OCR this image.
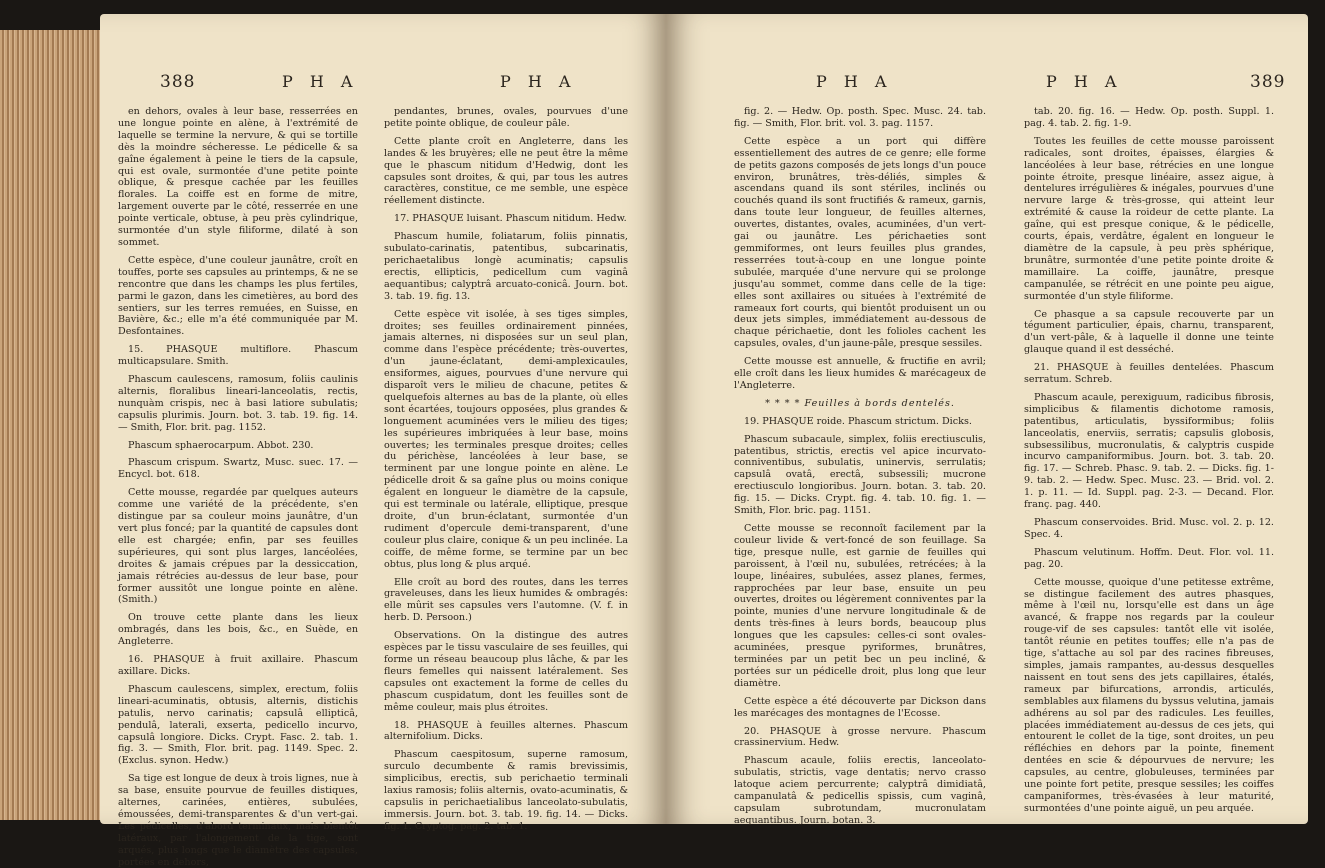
388	P H A	P H A

en dehors, ovales à leur base, resserrées en une longue pointe en alène, à l'extrémité de laquelle se termine la nervure, & qui se tortille dès la moindre sécheresse. Le pédicelle & sa gaîne également à peine le tiers de la capsule, qui est ovale, surmontée d'une petite pointe oblique, & presque cachée par les feuilles florales. La coiffe est en forme de mitre, largement ouverte par le côté, resserrée en une pointe verticale, obtuse, à peu près cylindrique, surmontée d'un style filiforme, dilaté à son sommet.

Cette espèce, d'une couleur jaunâtre, croît en touffes, porte ses capsules au printemps, & ne se rencontre que dans les champs les plus fertiles, parmi le gazon, dans les cimetières, au bord des sentiers, sur les terres remuées, en Suisse, en Bavière, &c.; elle m'a été communiquée par M. Desfontaines.

15. PHASQUE multiflore. Phascum multicapsulare. Smith.

Phascum caulescens, ramosum, foliis caulinis alternis, floralibus lineari-lanceolatis, rectis, nunquàm crispis, nec à basi latiore subulatis; capsulis plurimis. Journ. bot. 3. tab. 19. fig. 14. — Smith, Flor. brit. pag. 1152.

Phascum sphaerocarpum. Abbot. 230.

Phascum crispum. Swartz, Musc. suec. 17. — Encycl. bot. 618.

Cette mousse, regardée par quelques auteurs comme une variété de la précédente, s'en distingue par sa couleur moins jaunâtre, d'un vert plus foncé; par la quantité de capsules dont elle est chargée; enfin, par ses feuilles supérieures, qui sont plus larges, lancéolées, droites & jamais crépues par la dessiccation, jamais rétrécies au-dessus de leur base, pour former aussitôt une longue pointe en alène. (Smith.)

On trouve cette plante dans les lieux ombragés, dans les bois, &c., en Suède, en Angleterre.

16. PHASQUE à fruit axillaire. Phascum axillare. Dicks.

Phascum caulescens, simplex, erectum, foliis lineari-acuminatis, obtusis, alternis, distichis patulis, nervo carinatis; capsulâ ellipticâ, pendulâ, laterali, exserta, pedicello incurvo, capsulâ longiore. Dicks. Crypt. Fasc. 2. tab. 1. fig. 3. — Smith, Flor. brit. pag. 1149. Spec. 2. (Exclus. synon. Hedw.)

Sa tige est longue de deux à trois lignes, nue à sa base, ensuite pourvue de feuilles distiques, alternes, carinées, entières, subulées, émoussées, demi-transparentes & d'un vert-gai. Les pédicelles, d'abord terminaux, mais bientôt latéraux, par l'alongement de la tige, sont arqués, plus longs que le diamètre des capsules, portées en dehors,

pendantes, brunes, ovales, pourvues d'une petite pointe oblique, de couleur pâle.

Cette plante croît en Angleterre, dans les landes & les bruyères; elle ne peut être la même que le phascum nitidum d'Hedwig, dont les capsules sont droites, & qui, par tous les autres caractères, constitue, ce me semble, une espèce réellement distincte.

17. PHASQUE luisant. Phascum nitidum. Hedw.

Phascum humile, foliatarum, foliis pinnatis, subulato-carinatis, patentibus, subcarinatis, perichaetalibus longè acuminatis; capsulis erectis, ellipticis, pedicellum cum vaginâ aequantibus; calyptrâ arcuato-conicâ. Journ. bot. 3. tab. 19. fig. 13.

Cette espèce vit isolée, à ses tiges simples, droites; ses feuilles ordinairement pinnées, jamais alternes, ni disposées sur un seul plan, comme dans l'espèce précédente; très-ouvertes, d'un jaune-éclatant, demi-amplexicaules, ensiformes, aigues, pourvues d'une nervure qui disparoît vers le milieu de chacune, petites & quelquefois alternes au bas de la plante, où elles sont écartées, toujours opposées, plus grandes & longuement acuminées vers le milieu des tiges; les supérieures imbriquées à leur base, moins ouvertes; les terminales presque droites; celles du périchèse, lancéolées à leur base, se terminent par une longue pointe en alène. Le pédicelle droit & sa gaîne plus ou moins conique égalent en longueur le diamètre de la capsule, qui est terminale ou latérale, elliptique, presque droite, d'un brun-éclatant, surmontée d'un rudiment d'opercule demi-transparent, d'une couleur plus claire, conique & un peu inclinée. La coiffe, de même forme, se termine par un bec obtus, plus long & plus arqué.

Elle croît au bord des routes, dans les terres graveleuses, dans les lieux humides & ombragés: elle mûrit ses capsules vers l'automne. (V. f. in herb. D. Persoon.)

Observations. On la distingue des autres espèces par le tissu vasculaire de ses feuilles, qui forme un réseau beaucoup plus lâche, & par les fleurs femelles qui naissent latéralement. Ses capsules ont exactement la forme de celles du phascum cuspidatum, dont les feuilles sont de même couleur, mais plus étroites.

18. PHASQUE à feuilles alternes. Phascum alternifolium. Dicks.

Phascum caespitosum, superne ramosum, surculo decumbente & ramis brevissimis, simplicibus, erectis, sub perichaetio terminali laxius ramosis; foliis alternis, ovato-acuminatis, & capsulis in perichaetialibus lanceolato-subulatis, immersis. Journ. bot. 3. tab. 19. fig. 14. — Dicks. fig. 1. Cryptog. pag. 2. tab. 1.

P H A	P H A	389

fig. 2. — Hedw. Op. posth. Spec. Musc. 24. tab. fig. — Smith, Flor. brit. vol. 3. pag. 1157.

Cette espèce a un port qui diffère essentiellement des autres de ce genre; elle forme de petits gazons composés de jets longs d'un pouce environ, brunâtres, très-déliés, simples & ascendans quand ils sont stériles, inclinés ou couchés quand ils sont fructifiés & rameux, garnis, dans toute leur longueur, de feuilles alternes, ouvertes, distantes, ovales, acuminées, d'un vert-gai ou jaunâtre. Les périchaeties sont gemmiformes, ont leurs feuilles plus grandes, resserrées tout-à-coup en une longue pointe subulée, marquée d'une nervure qui se prolonge jusqu'au sommet, comme dans celle de la tige: elles sont axillaires ou situées à l'extrémité de rameaux fort courts, qui bientôt produisent un ou deux jets simples, immédiatement au-dessous de chaque périchaetie, dont les folioles cachent les capsules, ovales, d'un jaune-pâle, presque sessiles.

Cette mousse est annuelle, & fructifie en avril; elle croît dans les lieux humides & marécageux de l'Angleterre.

* * * * Feuilles à bords dentelés.

19. PHASQUE roide. Phascum strictum. Dicks.

Phascum subacaule, simplex, foliis erectiusculis, patentibus, strictis, erectis vel apice incurvato-conniventibus, subulatis, uninervis, serrulatis; capsulâ ovatâ, erectâ, subsessili; mucrone erectiusculo longioribus. Journ. botan. 3. tab. 20. fig. 15. — Dicks. Crypt. fig. 4. tab. 10. fig. 1. — Smith, Flor. bric. pag. 1151.

Cette mousse se reconnoît facilement par la couleur livide & vert-foncé de son feuillage. Sa tige, presque nulle, est garnie de feuilles qui paroissent, à l'œil nu, subulées, retrécées; à la loupe, linéaires, subulées, assez planes, fermes, rapprochées par leur base, ensuite un peu ouvertes, droites ou légèrement conniventes par la pointe, munies d'une nervure longitudinale & de dents très-fines à leurs bords, beaucoup plus longues que les capsules: celles-ci sont ovales-acuminées, presque pyriformes, brunâtres, terminées par un petit bec un peu incliné, & portées sur un pédicelle droit, plus long que leur diamètre.

Cette espèce a été découverte par Dickson dans les marécages des montagnes de l'Ecosse.

20. PHASQUE à grosse nervure. Phascum crassinervium. Hedw.

Phascum acaule, foliis erectis, lanceolato-subulatis, strictis, vage dentatis; nervo crasso latoque aciem percurrente; calyptrâ dimidiatâ, campanulatâ & pedicellis spissis, cum vaginâ, capsulam subrotundam, mucronulatam aequantibus. Journ. botan. 3.

tab. 20. fig. 16. — Hedw. Op. posth. Suppl. 1. pag. 4. tab. 2. fig. 1-9.

Toutes les feuilles de cette mousse paroissent radicales, sont droites, épaisses, élargies & lancéolées à leur base, rétrécies en une longue pointe étroite, presque linéaire, assez aigue, à dentelures irrégulières & inégales, pourvues d'une nervure large & très-grosse, qui atteint leur extrémité & cause la roideur de cette plante. La gaîne, qui est presque conique, & le pédicelle, courts, épais, verdâtre, égalent en longueur le diamètre de la capsule, à peu près sphérique, brunâtre, surmontée d'une petite pointe droite & mamillaire. La coiffe, jaunâtre, presque campanulée, se rétrécit en une pointe peu aigue, surmontée d'un style filiforme.

Ce phasque a sa capsule recouverte par un tégument particulier, épais, charnu, transparent, d'un vert-pâle, & à laquelle il donne une teinte glauque quand il est desséché.

21. PHASQUE à feuilles dentelées. Phascum serratum. Schreb.

Phascum acaule, perexiguum, radicibus fibrosis, simplicibus & filamentis dichotome ramosis, patentibus, articulatis, byssiformibus; foliis lanceolatis, enerviis, serratis; capsulis globosis, subsessilibus, mucronulatis, & calyptris cuspide incurvo campaniformibus. Journ. bot. 3. tab. 20. fig. 17. — Schreb. Phasc. 9. tab. 2. — Dicks. fig. 1-9. tab. 2. — Hedw. Spec. Musc. 23. — Brid. vol. 2. 1. p. 11. — Id. Suppl. pag. 2-3. — Decand. Flor. franç. pag. 440.

Phascum conservoides. Brid. Musc. vol. 2. p. 12. Spec. 4.

Phascum velutinum. Hoffm. Deut. Flor. vol. 11. pag. 20.

Cette mousse, quoique d'une petitesse extrême, se distingue facilement des autres phasques, même à l'œil nu, lorsqu'elle est dans un âge avancé, & frappe nos regards par la couleur rouge-vif de ses capsules: tantôt elle vit isolée, tantôt réunie en petites touffes; elle n'a pas de tige, s'attache au sol par des racines fibreuses, simples, jamais rampantes, au-dessus desquelles naissent en tout sens des jets capillaires, étalés, rameux par bifurcations, arrondis, articulés, semblables aux filamens du byssus velutina, jamais adhérens au sol par des radicules. Les feuilles, placées immédiatement au-dessus de ces jets, qui entourent le collet de la tige, sont droites, un peu réfléchies en dehors par la pointe, finement dentées en scie & dépourvues de nervure; les capsules, au centre, globuleuses, terminées par une pointe fort petite, presque sessiles; les coiffes campaniformes, très-évasées à leur maturité, surmontées d'une pointe aiguë, un peu arquée.
